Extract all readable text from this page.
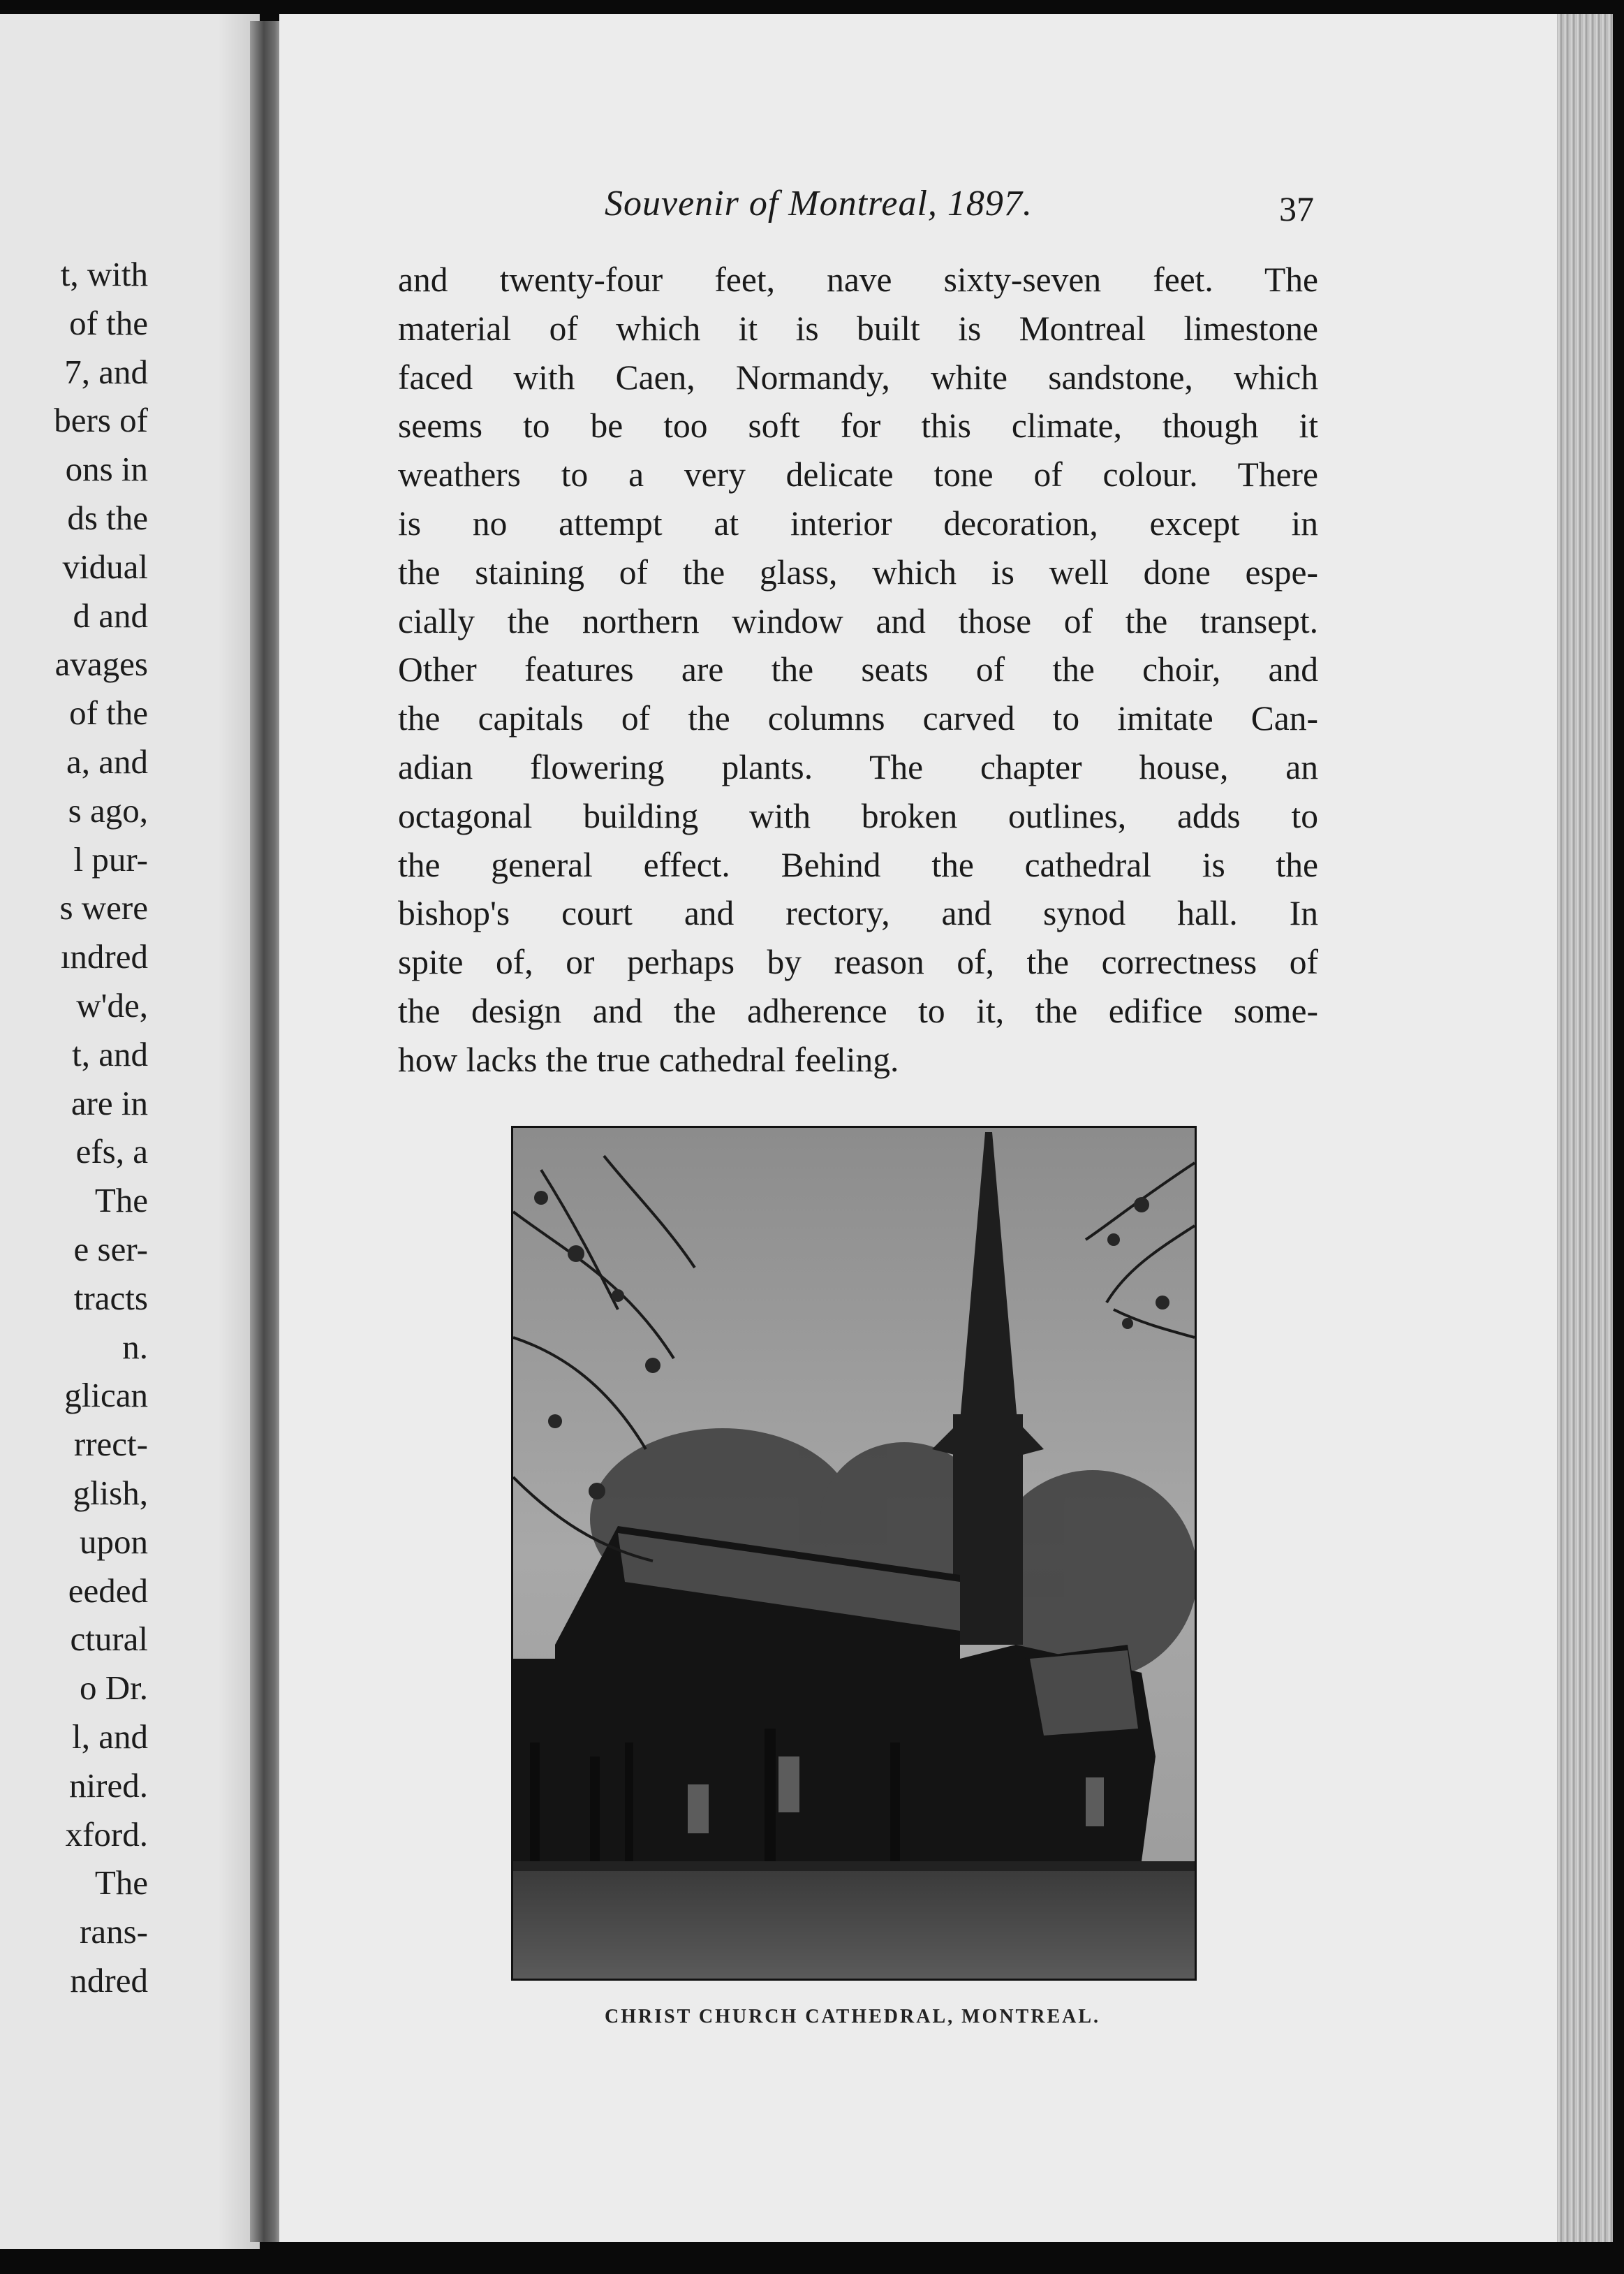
t, with
of the
7, and
bers of
ons in
ds the
vidual
d and
avages
of the
a, and
s ago,
l pur-
s were
ındred
w'de,
t, and
are in
efs, a
The
e ser-
tracts
n.
glican
rrect-
glish,
upon
eeded
ctural
o Dr.
l, and
nired.
xford.
The
rans-
ndred
Souvenir of Montreal, 1897.	37
and twenty-four feet, nave sixty-seven feet. The
material of which it is built is Montreal limestone
faced with Caen, Normandy, white sandstone, which
seems to be too soft for this climate, though it
weathers to a very delicate tone of colour. There
is no attempt at interior decoration, except in
the staining of the glass, which is well done espe-
cially the northern window and those of the transept.
Other features are the seats of the choir, and
the capitals of the columns carved to imitate Can-
adian flowering plants. The chapter house, an
octagonal building with broken outlines, adds to
the general effect. Behind the cathedral is the
bishop's court and rectory, and synod hall. In
spite of, or perhaps by reason of, the correctness of
the design and the adherence to it, the edifice some-
how lacks the true cathedral feeling.
CHRIST CHURCH CATHEDRAL, MONTREAL.
